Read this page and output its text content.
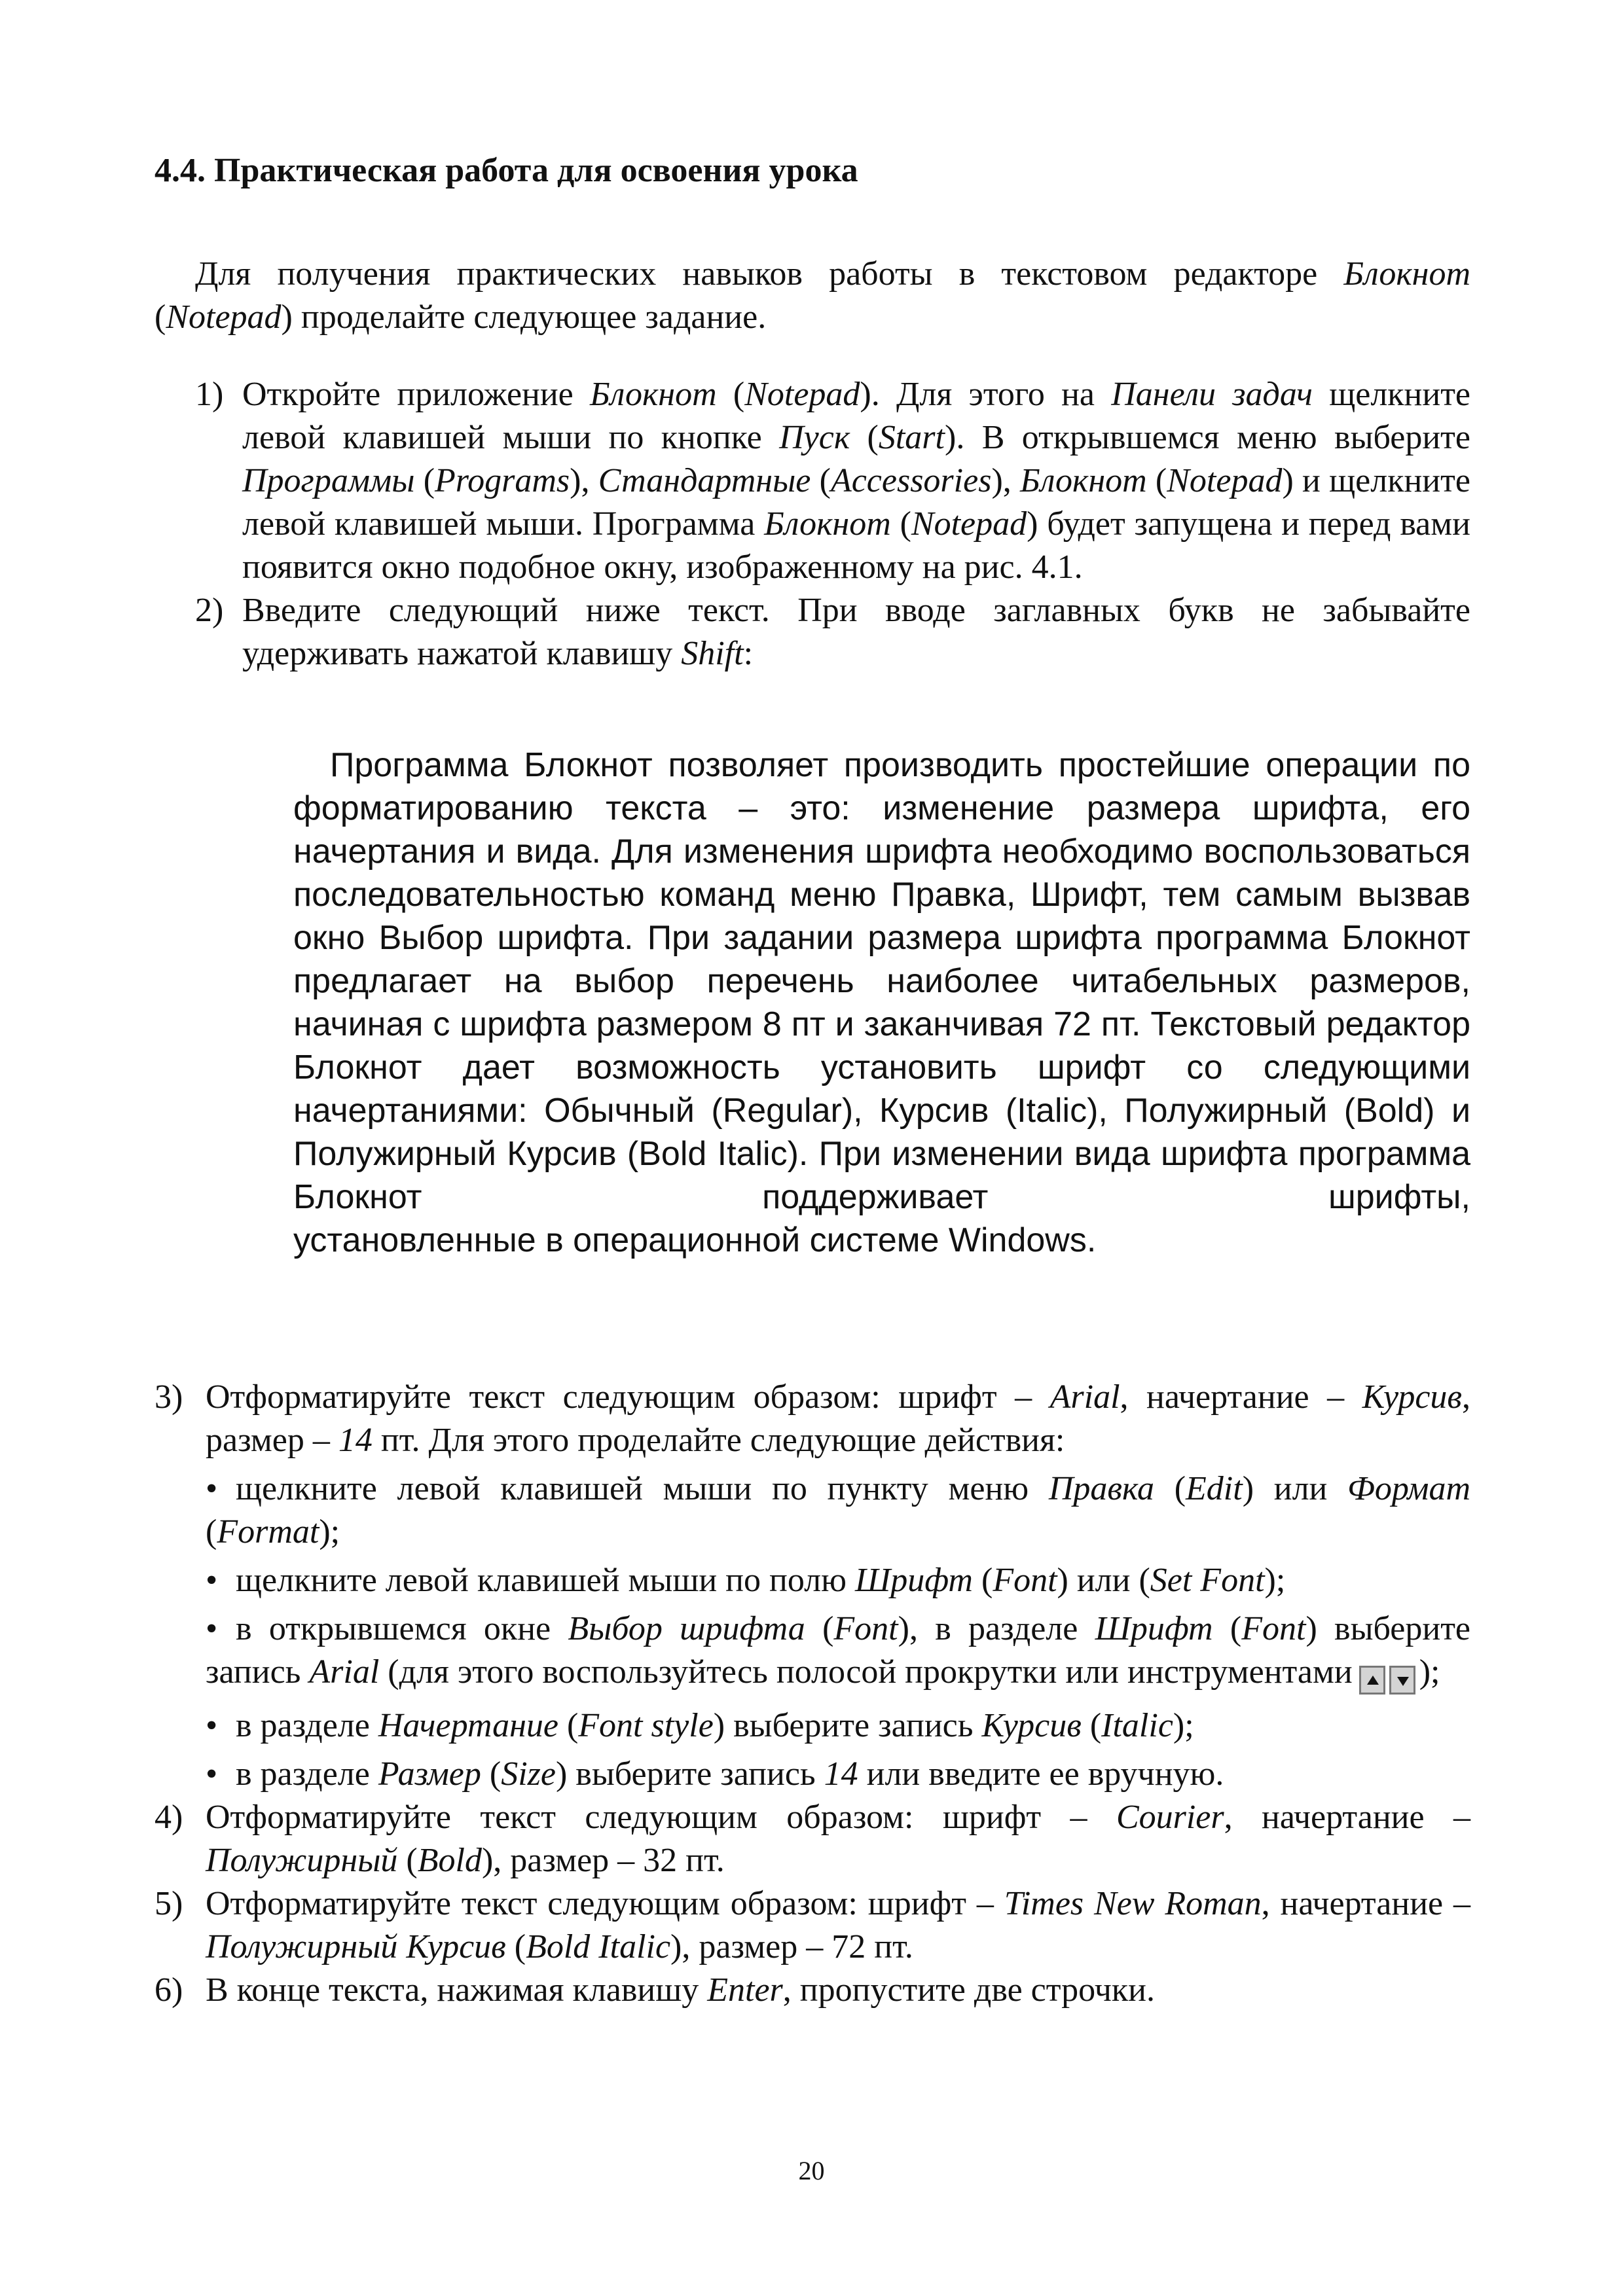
4.4. Практическая работа для освоения урока

Для получения практических навыков работы в текстовом редакторе Блокнот (Notepad) проделайте следующее задание.

1) Откройте приложение Блокнот (Notepad). Для этого на Панели задач щелкните левой клавишей мыши по кнопке Пуск (Start). В открывшемся меню выберите Программы (Programs), Стандартные (Accessories), Блокнот (Notepad) и щелкните левой клавишей мыши. Программа Блокнот (Notepad) будет запущена и перед вами появится окно подобное окну, изображенному на рис. 4.1.

2) Введите следующий ниже текст. При вводе заглавных букв не забывайте удерживать нажатой клавишу Shift:

Программа Блокнот позволяет производить простейшие операции по форматированию текста – это: изменение размера шрифта, его начертания и вида. Для изменения шрифта необходимо воспользоваться последовательностью команд меню Правка, Шрифт, тем самым вызвав окно Выбор шрифта. При задании размера шрифта программа Блокнот предлагает на выбор перечень наиболее читабельных размеров, начиная с шрифта размером 8 пт и заканчивая 72 пт. Текстовый редактор Блокнот дает возможность установить шрифт со следующими начертаниями: Обычный (Regular), Курсив (Italic), Полужирный (Bold) и Полужирный Курсив (Bold Italic). При изменении вида шрифта программа Блокнот поддерживает шрифты,
установленные в операционной системе Windows.
3) Отформатируйте текст следующим образом: шрифт – Arial, начертание – Курсив, размер – 14 пт. Для этого проделайте следующие действия:

• щелкните левой клавишей мыши по пункту меню Правка (Edit) или Формат (Format);

• щелкните левой клавишей мыши по полю Шрифт (Font) или (Set Font);

• в открывшемся окне Выбор шрифта (Font), в разделе Шрифт (Font) выберите запись Arial (для этого воспользуйтесь полосой прокрутки или инструментами );

• в разделе Начертание (Font style) выберите запись Курсив (Italic);

• в разделе Размер (Size) выберите запись 14 или введите ее вручную.

4) Отформатируйте текст следующим образом: шрифт – Courier, начертание – Полужирный (Bold), размер – 32 пт.

5) Отформатируйте текст следующим образом: шрифт – Times New Roman, начертание – Полужирный Курсив (Bold Italic), размер – 72 пт.

6) В конце текста, нажимая клавишу Enter, пропустите две строчки.

20
